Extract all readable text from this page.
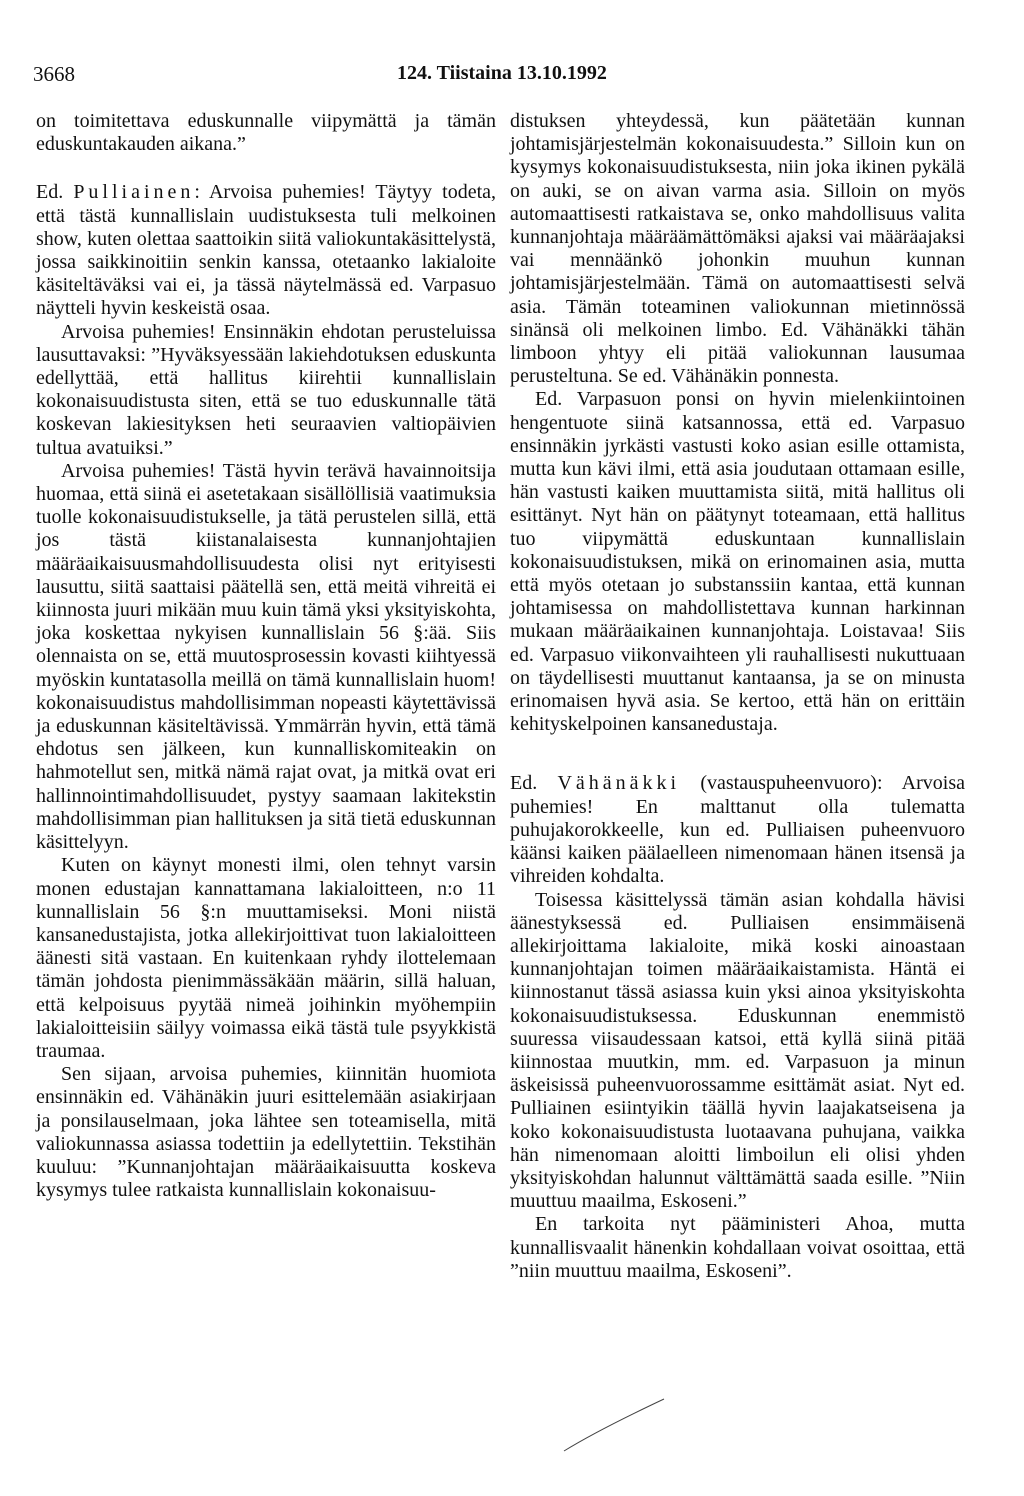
3668	124. Tiistaina 13.10.1992

on toimitettava eduskunnalle viipymättä ja tämän eduskuntakauden aikana.”

Ed. Pulliainen: Arvoisa puhemies! Täytyy todeta, että tästä kunnallislain uudistuksesta tuli melkoinen show, kuten olettaa saattoikin siitä valiokuntakäsittelystä, jossa saikkinoitiin senkin kanssa, otetaanko lakialoite käsiteltäväksi vai ei, ja tässä näytelmässä ed. Varpasuo näytteli hyvin keskeistä osaa.

Arvoisa puhemies! Ensinnäkin ehdotan perusteluissa lausuttavaksi: ”Hyväksyessään lakiehdotuksen eduskunta edellyttää, että hallitus kiirehtii kunnallislain kokonaisuudistusta siten, että se tuo eduskunnalle tätä koskevan lakiesityksen heti seuraavien valtiopäivien tultua avatuiksi.”

Arvoisa puhemies! Tästä hyvin terävä havainnoitsija huomaa, että siinä ei asetetakaan sisällöllisiä vaatimuksia tuolle kokonaisuudistukselle, ja tätä perustelen sillä, että jos tästä kiistanalaisesta kunnanjohtajien määräaikaisuusmahdollisuudesta olisi nyt erityisesti lausuttu, siitä saattaisi päätellä sen, että meitä vihreitä ei kiinnosta juuri mikään muu kuin tämä yksi yksityiskohta, joka koskettaa nykyisen kunnallislain 56 §:ää. Siis olennaista on se, että muutosprosessin kovasti kiihtyessä myöskin kuntatasolla meillä on tämä kunnallislain huom! kokonaisuudistus mahdollisimman nopeasti käytettävissä ja eduskunnan käsiteltävissä. Ymmärrän hyvin, että tämä ehdotus sen jälkeen, kun kunnalliskomiteakin on hahmotellut sen, mitkä nämä rajat ovat, ja mitkä ovat eri hallinnointimahdollisuudet, pystyy saamaan lakitekstin mahdollisimman pian hallituksen ja sitä tietä eduskunnan käsittelyyn.

Kuten on käynyt monesti ilmi, olen tehnyt varsin monen edustajan kannattamana lakialoitteen, n:o 11 kunnallislain 56 §:n muuttamiseksi. Moni niistä kansanedustajista, jotka allekirjoittivat tuon lakialoitteen äänesti sitä vastaan. En kuitenkaan ryhdy ilottelemaan tämän johdosta pienimmässäkään määrin, sillä haluan, että kelpoisuus pyytää nimeä joihinkin myöhempiin lakialoitteisiin säilyy voimassa eikä tästä tule psyykkistä traumaa.

Sen sijaan, arvoisa puhemies, kiinnitän huomiota ensinnäkin ed. Vähänäkin juuri esittelemään asiakirjaan ja ponsilauselmaan, joka lähtee sen toteamisella, mitä valiokunnassa asiassa todettiin ja edellytettiin. Tekstihän kuuluu: ”Kunnanjohtajan määräaikaisuutta koskeva kysymys tulee ratkaista kunnallislain kokonaisuu-

distuksen yhteydessä, kun päätetään kunnan johtamisjärjestelmän kokonaisuudesta.” Silloin kun on kysymys kokonaisuudistuksesta, niin joka ikinen pykälä on auki, se on aivan varma asia. Silloin on myös automaattisesti ratkaistava se, onko mahdollisuus valita kunnanjohtaja määräämättömäksi ajaksi vai määräajaksi vai mennäänkö johonkin muuhun kunnan johtamisjärjestelmään. Tämä on automaattisesti selvä asia. Tämän toteaminen valiokunnan mietinnössä sinänsä oli melkoinen limbo. Ed. Vähänäkki tähän limboon yhtyy eli pitää valiokunnan lausumaa perusteltuna. Se ed. Vähänäkin ponnesta.

Ed. Varpasuon ponsi on hyvin mielenkiintoinen hengentuote siinä katsannossa, että ed. Varpasuo ensinnäkin jyrkästi vastusti koko asian esille ottamista, mutta kun kävi ilmi, että asia joudutaan ottamaan esille, hän vastusti kaiken muuttamista siitä, mitä hallitus oli esittänyt. Nyt hän on päätynyt toteamaan, että hallitus tuo viipymättä eduskuntaan kunnallislain kokonaisuudistuksen, mikä on erinomainen asia, mutta että myös otetaan jo substanssiin kantaa, että kunnan johtamisessa on mahdollistettava kunnan harkinnan mukaan määräaikainen kunnanjohtaja. Loistavaa! Siis ed. Varpasuo viikonvaihteen yli rauhallisesti nukuttuaan on täydellisesti muuttanut kantaansa, ja se on minusta erinomaisen hyvä asia. Se kertoo, että hän on erittäin kehityskelpoinen kansanedustaja.

Ed. Vähänäkki (vastauspuheenvuoro): Arvoisa puhemies! En malttanut olla tulematta puhujakorokkeelle, kun ed. Pulliaisen puheenvuoro käänsi kaiken päälaelleen nimenomaan hänen itsensä ja vihreiden kohdalta.

Toisessa käsittelyssä tämän asian kohdalla hävisi äänestyksessä ed. Pulliaisen ensimmäisenä allekirjoittama lakialoite, mikä koski ainoastaan kunnanjohtajan toimen määräaikaistamista. Häntä ei kiinnostanut tässä asiassa kuin yksi ainoa yksityiskohta kokonaisuudistuksessa. Eduskunnan enemmistö suuressa viisaudessaan katsoi, että kyllä siinä pitää kiinnostaa muutkin, mm. ed. Varpasuon ja minun äskeisissä puheenvuorossamme esittämät asiat. Nyt ed. Pulliainen esiintyikin täällä hyvin laajakatseisena ja koko kokonaisuudistusta luotaavana puhujana, vaikka hän nimenomaan aloitti limboilun eli olisi yhden yksityiskohdan halunnut välttämättä saada esille. ”Niin muuttuu maailma, Eskoseni.”

En tarkoita nyt pääministeri Ahoa, mutta kunnallisvaalit hänenkin kohdallaan voivat osoittaa, että ”niin muuttuu maailma, Eskoseni”.
